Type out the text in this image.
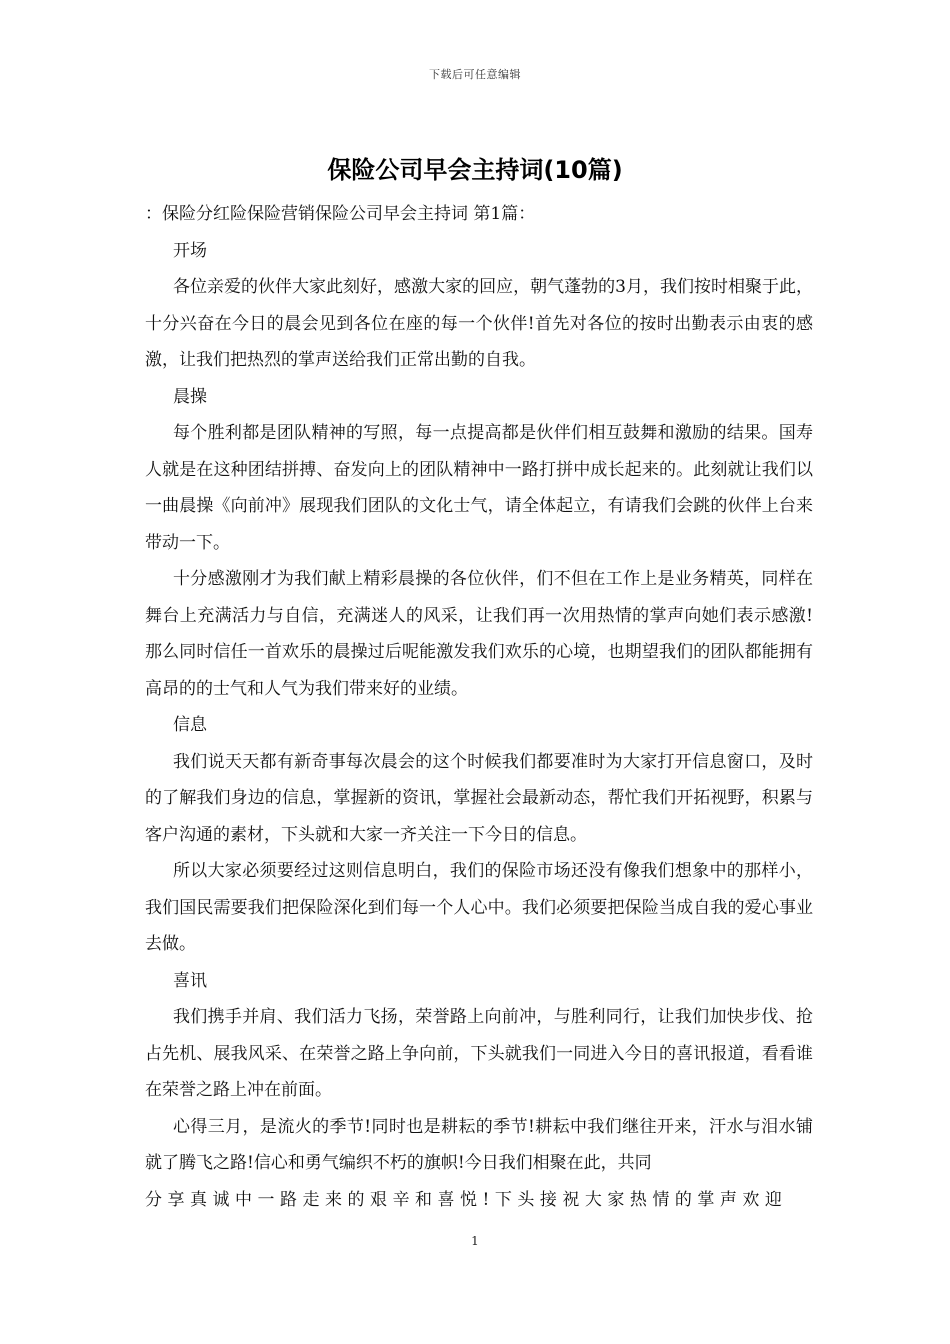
下载后可任意编辑
保险公司早会主持词(10篇)

：保险分红险保险营销保险公司早会主持词 第1篇：

开场

各位亲爱的伙伴大家此刻好，感激大家的回应，朝气蓬勃的3月，我们按时相聚于此，十分兴奋在今日的晨会见到各位在座的每一个伙伴!首先对各位的按时出勤表示由衷的感激，让我们把热烈的掌声送给我们正常出勤的自我。

晨操

每个胜利都是团队精神的写照，每一点提高都是伙伴们相互鼓舞和激励的结果。国寿人就是在这种团结拼搏、奋发向上的团队精神中一路打拼中成长起来的。此刻就让我们以一曲晨操《向前冲》展现我们团队的文化士气，请全体起立，有请我们会跳的伙伴上台来带动一下。

十分感激刚才为我们献上精彩晨操的各位伙伴，们不但在工作上是业务精英，同样在舞台上充满活力与自信，充满迷人的风采，让我们再一次用热情的掌声向她们表示感激!那么同时信任一首欢乐的晨操过后呢能激发我们欢乐的心境，也期望我们的团队都能拥有高昂的的士气和人气为我们带来好的业绩。

信息

我们说天天都有新奇事每次晨会的这个时候我们都要准时为大家打开信息窗口，及时的了解我们身边的信息，掌握新的资讯，掌握社会最新动态，帮忙我们开拓视野，积累与客户沟通的素材，下头就和大家一齐关注一下今日的信息。

所以大家必须要经过这则信息明白，我们的保险市场还没有像我们想象中的那样小，我们国民需要我们把保险深化到们每一个人心中。我们必须要把保险当成自我的爱心事业去做。

喜讯

我们携手并肩、我们活力飞扬，荣誉路上向前冲，与胜利同行，让我们加快步伐、抢占先机、展我风采、在荣誉之路上争向前，下头就我们一同进入今日的喜讯报道，看看谁在荣誉之路上冲在前面。

心得三月，是流火的季节!同时也是耕耘的季节!耕耘中我们继往开来，汗水与泪水铺就了腾飞之路!信心和勇气编织不朽的旗帜!今日我们相聚在此，共同

分享真诚中一路走来的艰辛和喜悦!下头接祝大家热情的掌声欢迎

1
